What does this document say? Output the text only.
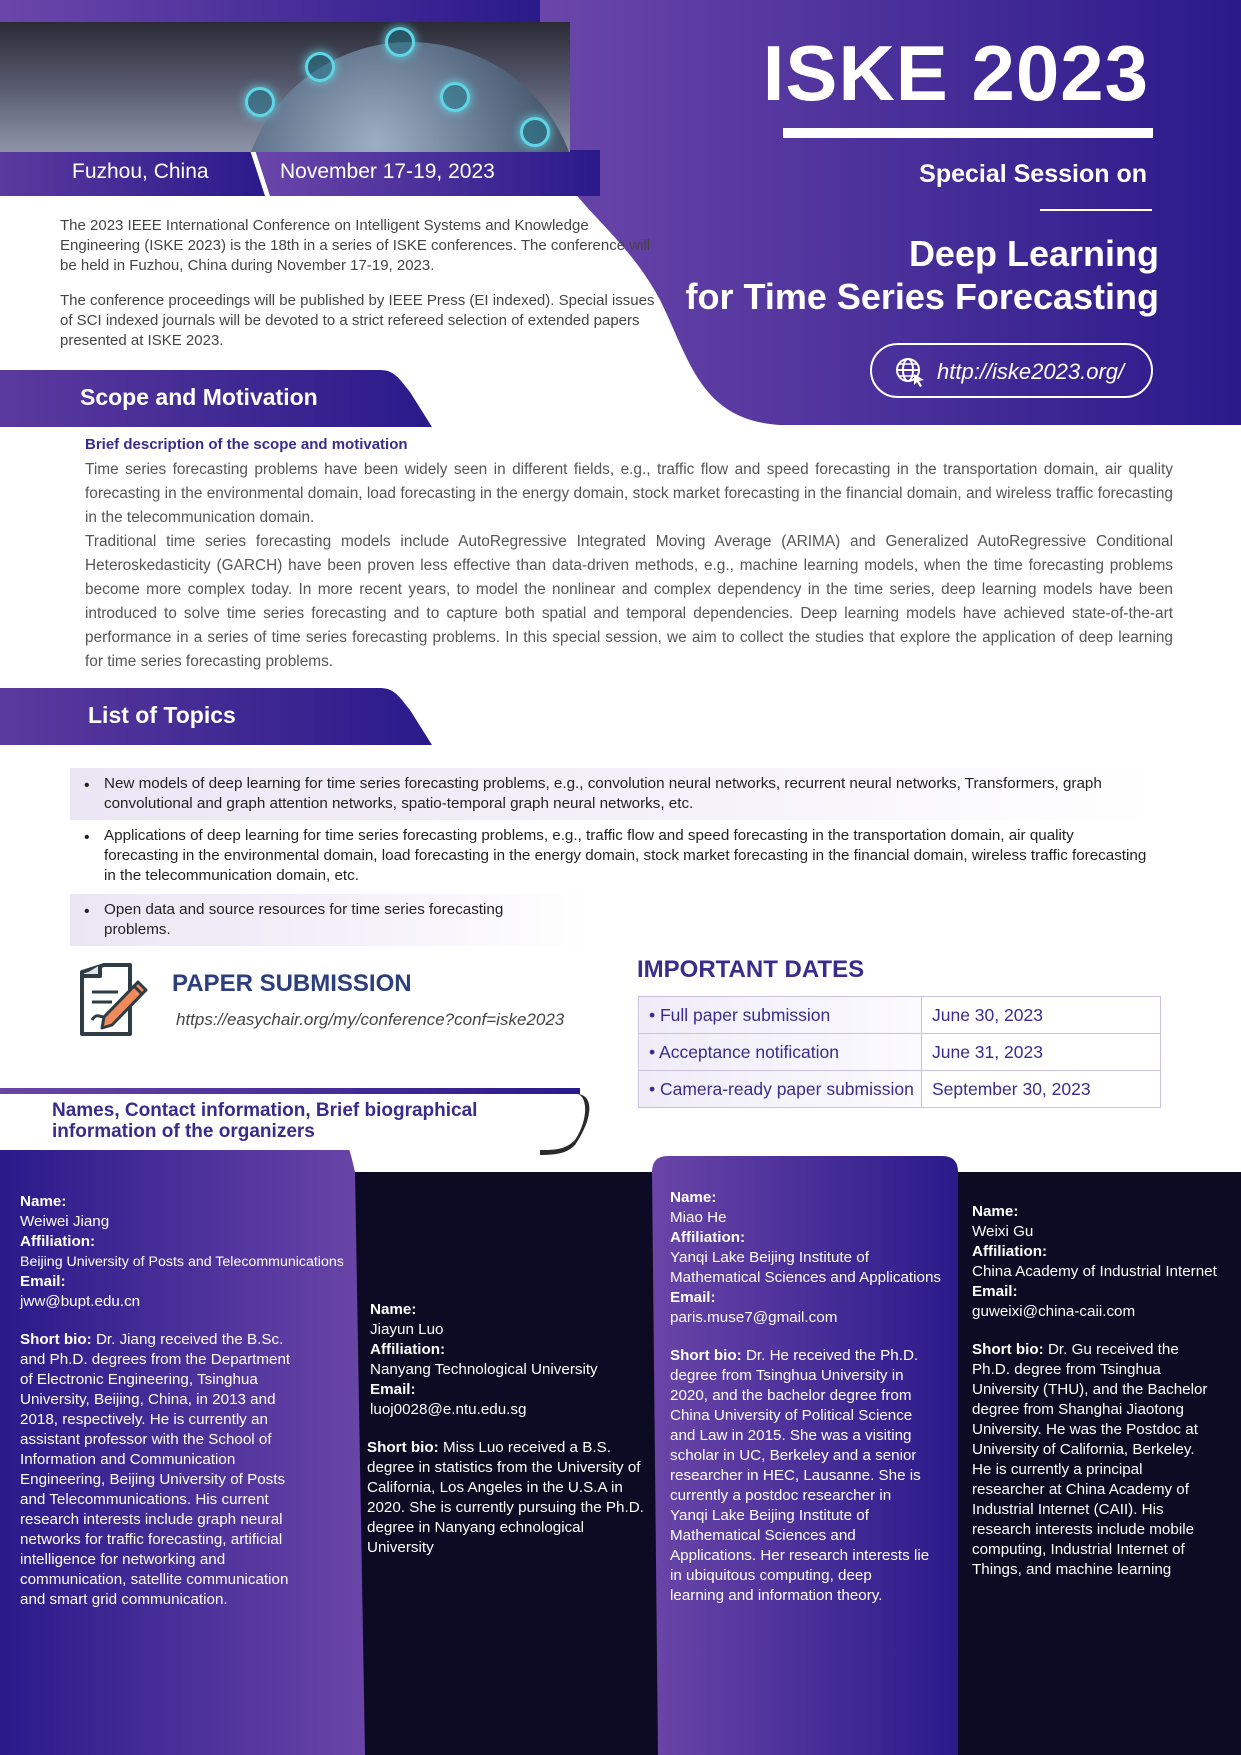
Fuzhou, China	November 17-19, 2023
ISKE 2023
Special Session on
Deep Learning
for Time Series Forecasting
http://iske2023.org/

The 2023 IEEE International Conference on Intelligent Systems and Knowledge Engineering (ISKE 2023) is the 18th in a series of ISKE conferences. The conference will be held in Fuzhou, China during November 17-19, 2023.

The conference proceedings will be published by IEEE Press (EI indexed). Special issues of SCI indexed journals will be devoted to a strict refereed selection of extended papers presented at ISKE 2023.

Scope and Motivation
Brief description of the scope and motivation

Time series forecasting problems have been widely seen in different fields, e.g., traffic flow and speed forecasting in the transportation domain, air quality forecasting in the environmental domain, load forecasting in the energy domain, stock market forecasting in the financial domain, and wireless traffic forecasting in the telecommunication domain.

Traditional time series forecasting models include AutoRegressive Integrated Moving Average (ARIMA) and Generalized AutoRegressive Conditional Heteroskedasticity (GARCH) have been proven less effective than data-driven methods, e.g., machine learning models, when the time forecasting problems become more complex today. In more recent years, to model the nonlinear and complex dependency in the time series, deep learning models have been introduced to solve time series forecasting and to capture both spatial and temporal dependencies. Deep learning models have achieved state-of-the-art performance in a series of time series forecasting problems. In this special session, we aim to collect the studies that explore the application of deep learning for time series forecasting problems.

List of Topics
• New models of deep learning for time series forecasting problems, e.g., convolution neural networks, recurrent neural networks, Transformers, graph convolutional and graph attention networks, spatio-temporal graph neural networks, etc.
• Applications of deep learning for time series forecasting problems, e.g., traffic flow and speed forecasting in the transportation domain, air quality forecasting in the environmental domain, load forecasting in the energy domain, stock market forecasting in the financial domain, wireless traffic forecasting in the telecommunication domain, etc.
• Open data and source resources for time series forecasting problems.
PAPER SUBMISSION
https://easychair.org/my/conference?conf=iske2023
IMPORTANT DATES
• Full paper submission	June 30, 2023
• Acceptance notification	June 31, 2023
• Camera-ready paper submission	September 30, 2023
Names, Contact information, Brief biographical
information of the organizers
Name:
Weiwei Jiang
Affiliation:
Beijing University of Posts and Telecommunications
Email:
jww@bupt.edu.cn
Short bio: Dr. Jiang received the B.Sc. and Ph.D. degrees from the Department of Electronic Engineering, Tsinghua University, Beijing, China, in 2013 and 2018, respectively. He is currently an assistant professor with the School of Information and Communication Engineering, Beijing University of Posts and Telecommunications. His current research interests include graph neural networks for traffic forecasting, artificial intelligence for networking and communication, satellite communication and smart grid communication.
Name:
Jiayun Luo
Affiliation:
Nanyang Technological University
Email:
luoj0028@e.ntu.edu.sg
Short bio: Miss Luo received a B.S. degree in statistics from the University of California, Los Angeles in the U.S.A in 2020. She is currently pursuing the Ph.D. degree in Nanyang echnological University
Name:
Miao He
Affiliation:
Yanqi Lake Beijing Institute of Mathematical Sciences and Applications
Email:
paris.muse7@gmail.com
Short bio: Dr. He received the Ph.D. degree from Tsinghua University in 2020, and the bachelor degree from China University of Political Science and Law in 2015. She was a visiting scholar in UC, Berkeley and a senior researcher in HEC, Lausanne. She is currently a postdoc researcher in Yanqi Lake Beijing Institute of Mathematical Sciences and Applications. Her research interests lie in ubiquitous computing, deep learning and information theory.
Name:
Weixi Gu
Affiliation:
China Academy of Industrial Internet
Email:
guweixi@china-caii.com
Short bio: Dr. Gu received the Ph.D. degree from Tsinghua University (THU), and the Bachelor degree from Shanghai Jiaotong University. He was the Postdoc at University of California, Berkeley. He is currently a principal researcher at China Academy of Industrial Internet (CAII). His research interests include mobile computing, Industrial Internet of Things, and machine learning
